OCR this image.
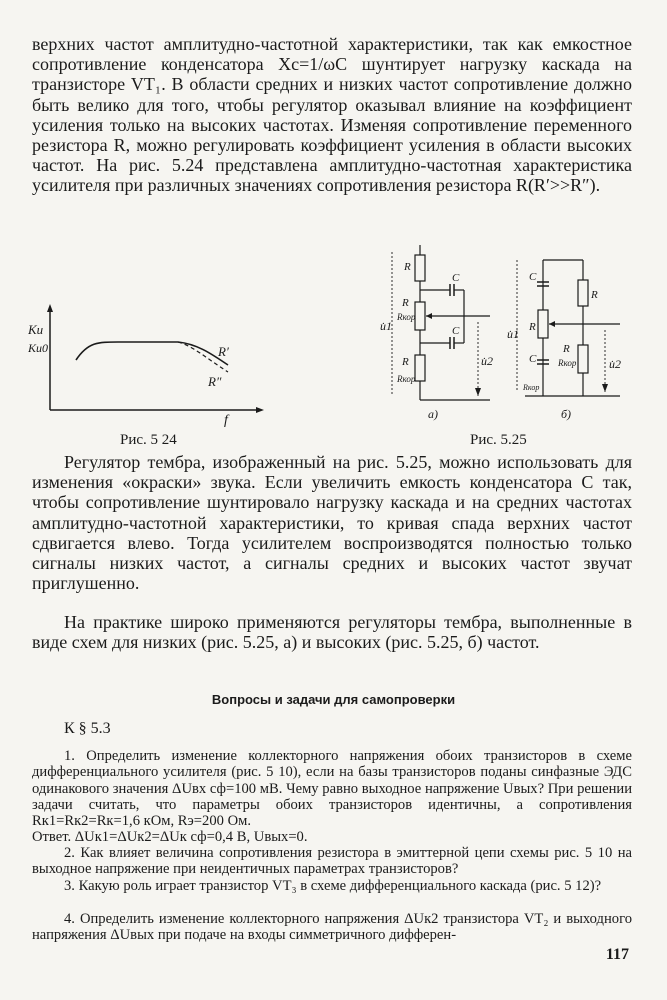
верхних частот амплитудно-частотной характеристики, так как емкостное сопротивление конденсатора Xc=1/ωC шунтирует нагрузку каскада на транзисторе VT₁. В области средних и низких частот сопротивление должно быть велико для того, чтобы регулятор оказывал влияние на коэффициент усиления только на высоких частотах. Изменяя сопротивление переменного резистора R, можно регулировать коэффициент усиления в области высоких частот. На рис. 5.24 представлена амплитудно-частотная характеристика усилителя при различных значениях сопротивления резистора R(R′>>R″).

Ku
Ku0	R′
R″
f
Рис. 5 24
R
R
Rкор
R
Rкор
C
C
u̇1
u̇2
а)
C
R
C
Rкор
R
R
Rкор
u̇1
u̇2
б)
Рис. 5.25

Регулятор тембра, изображенный на рис. 5.25, можно использовать для изменения «окраски» звука. Если увеличить емкость конденсатора C так, чтобы сопротивление шунтировало нагрузку каскада и на средних частотах амплитудно-частотной характеристики, то кривая спада верхних частот сдвигается влево. Тогда усилителем воспроизводятся полностью только сигналы низких частот, а сигналы средних и высоких частот звучат приглушенно.

На практике широко применяются регуляторы тембра, выполненные в виде схем для низких (рис. 5.25, а) и высоких (рис. 5.25, б) частот.

Вопросы и задачи для самопроверки
К § 5.3

1. Определить изменение коллекторного напряжения обоих транзисторов в схеме дифференциального усилителя (рис. 5 10), если на базы транзисторов поданы синфазные ЭДС одинакового значения ΔUвх сф=100 мВ. Чему равно выходное напряжение Uвых? При решении задачи считать, что параметры обоих транзисторов идентичны, а сопротивления Rк1=Rк2=Rк=1,6 кОм, Rэ=200 Ом.

Ответ. ΔUк1=ΔUк2=ΔUк сф=0,4 В, Uвых=0.

2. Как влияет величина сопротивления резистора в эмиттерной цепи схемы рис. 5 10 на выходное напряжение при неидентичных параметрах транзисторов?

3. Какую роль играет транзистор VT₃ в схеме дифференциального каскада (рис. 5 12)?

4. Определить изменение коллекторного напряжения ΔUк2 транзистора VT₂ и выходного напряжения ΔUвых при подаче на входы симметричного дифферен-

117
